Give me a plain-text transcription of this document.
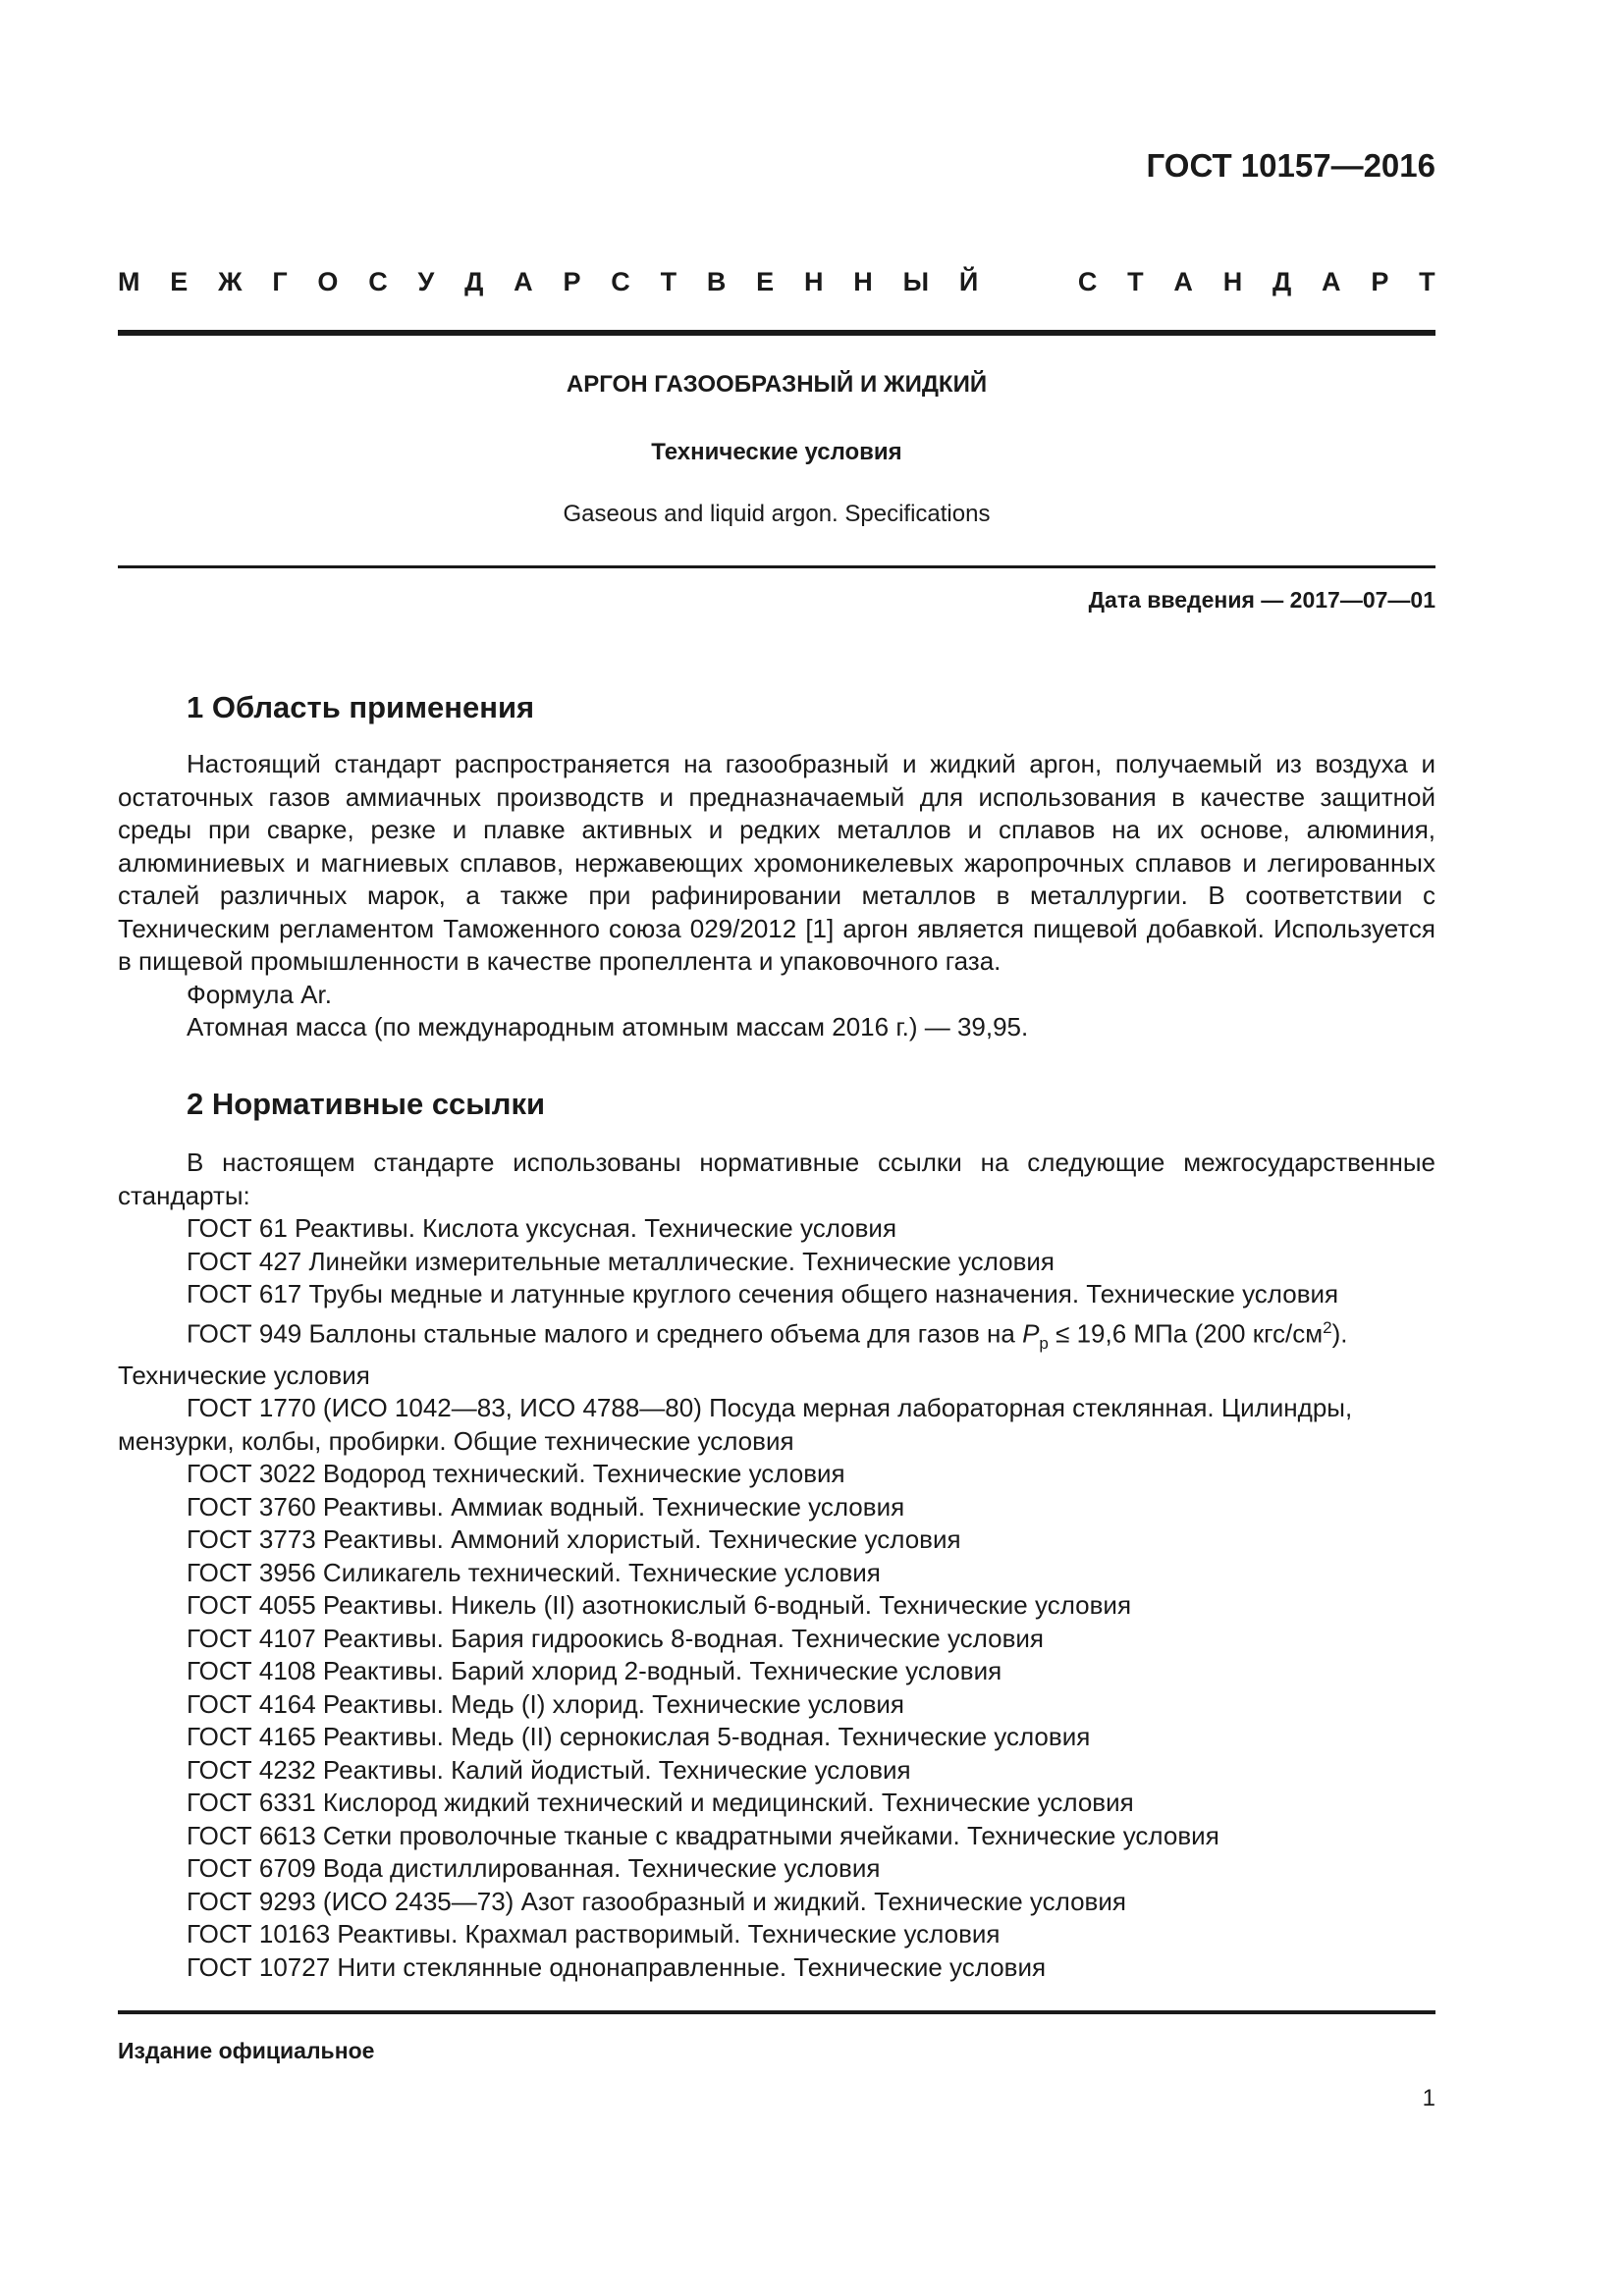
ГОСТ 10157—2016
М Е Ж Г О С У Д А Р С Т В Е Н Н Ы Й	С Т А Н Д А Р Т
АРГОН ГАЗООБРАЗНЫЙ И ЖИДКИЙ
Технические условия
Gaseous and liquid argon. Specifications
Дата введения — 2017—07—01
1 Область применения

Настоящий стандарт распространяется на газообразный и жидкий аргон, получаемый из воздуха и остаточных газов аммиачных производств и предназначаемый для использования в качестве защитной среды при сварке, резке и плавке активных и редких металлов и сплавов на их основе, алюминия, алюминиевых и магниевых сплавов, нержавеющих хромоникелевых жаропрочных сплавов и легированных сталей различных марок, а также при рафинировании металлов в металлургии. В соответствии с Техническим регламентом Таможенного союза 029/2012 [1] аргон является пищевой добавкой. Используется в пищевой промышленности в качестве пропеллента и упаковочного газа.

Формула Ar.

Атомная масса (по международным атомным массам 2016 г.) — 39,95.

2 Нормативные ссылки

В настоящем стандарте использованы нормативные ссылки на следующие межгосударственные стандарты:

ГОСТ 61 Реактивы. Кислота уксусная. Технические условия

ГОСТ 427 Линейки измерительные металлические. Технические условия

ГОСТ 617 Трубы медные и латунные круглого сечения общего назначения. Технические условия

ГОСТ 949 Баллоны стальные малого и среднего объема для газов на $P_р \le 19,6$ МПа (200 кгс/$см^2$). Технические условия

ГОСТ 1770 (ИСО 1042—83, ИСО 4788—80) Посуда мерная лабораторная стеклянная. Цилиндры, мензурки, колбы, пробирки. Общие технические условия

ГОСТ 3022 Водород технический. Технические условия

ГОСТ 3760 Реактивы. Аммиак водный. Технические условия

ГОСТ 3773 Реактивы. Аммоний хлористый. Технические условия

ГОСТ 3956 Силикагель технический. Технические условия

ГОСТ 4055 Реактивы. Никель (II) азотнокислый 6-водный. Технические условия

ГОСТ 4107 Реактивы. Бария гидроокись 8-водная. Технические условия

ГОСТ 4108 Реактивы. Барий хлорид 2-водный. Технические условия

ГОСТ 4164 Реактивы. Медь (I) хлорид. Технические условия

ГОСТ 4165 Реактивы. Медь (II) сернокислая 5-водная. Технические условия

ГОСТ 4232 Реактивы. Калий йодистый. Технические условия

ГОСТ 6331 Кислород жидкий технический и медицинский. Технические условия

ГОСТ 6613 Сетки проволочные тканые с квадратными ячейками. Технические условия

ГОСТ 6709 Вода дистиллированная. Технические условия

ГОСТ 9293 (ИСО 2435—73) Азот газообразный и жидкий. Технические условия

ГОСТ 10163 Реактивы. Крахмал растворимый. Технические условия

ГОСТ 10727 Нити стеклянные однонаправленные. Технические условия

Издание официальное
1
